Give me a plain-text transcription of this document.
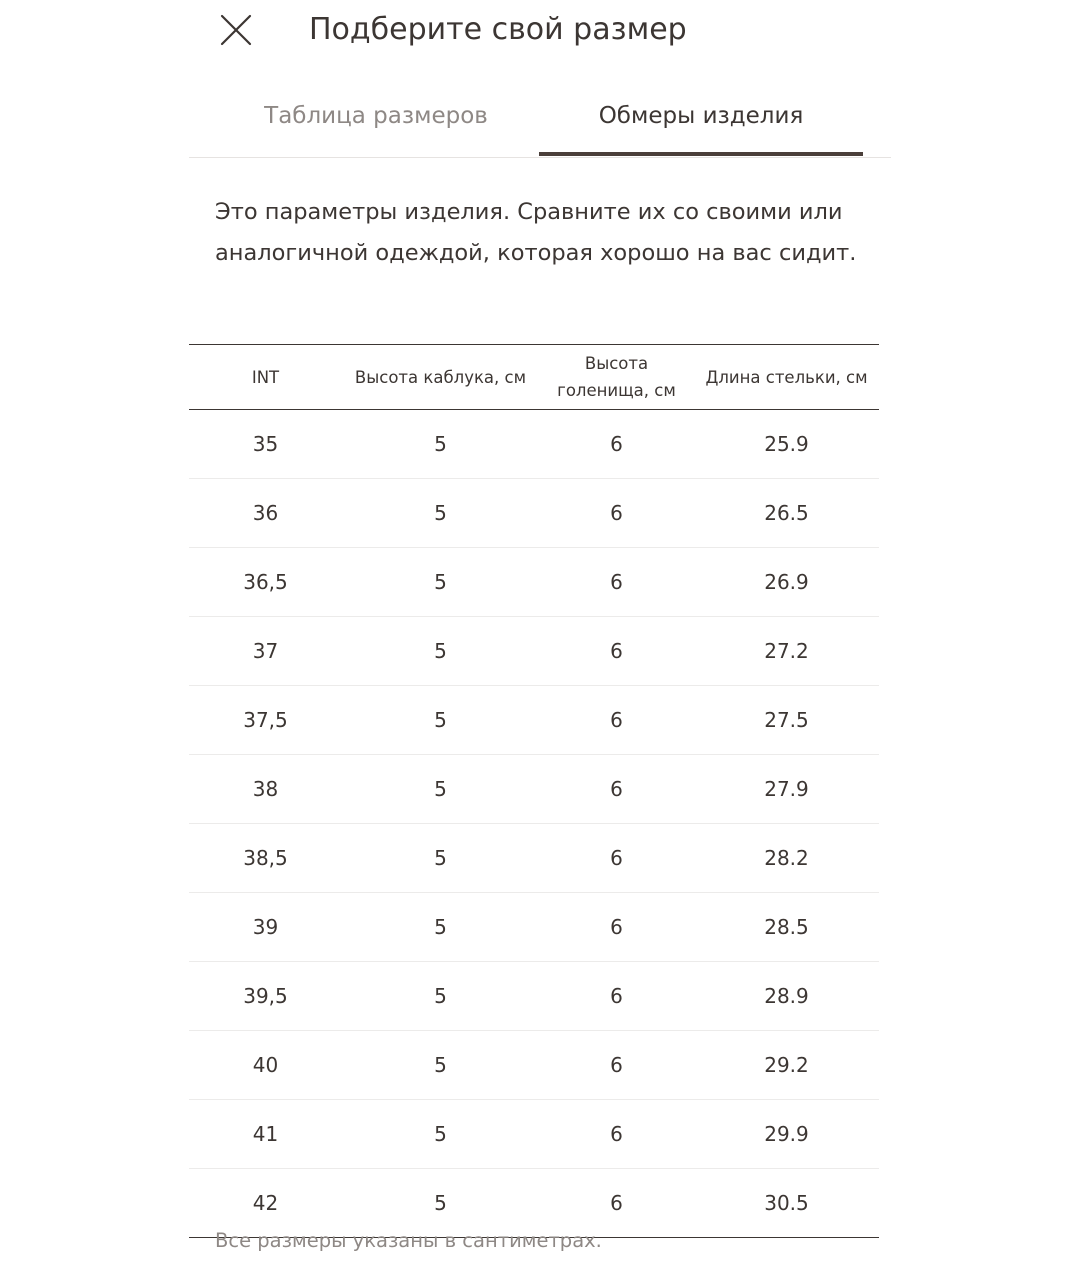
Подберите свой размер
Таблица размеров	Обмеры изделия
Это параметры изделия. Сравните их со своими или аналогичной одеждой, которая хорошо на вас сидит.
INT	Высота каблука, см	Высота голенища, см	Длина стельки, см
35	5	6	25.9
36	5	6	26.5
36,5	5	6	26.9
37	5	6	27.2
37,5	5	6	27.5
38	5	6	27.9
38,5	5	6	28.2
39	5	6	28.5
39,5	5	6	28.9
40	5	6	29.2
41	5	6	29.9
42	5	6	30.5
Все размеры указаны в сантиметрах.
